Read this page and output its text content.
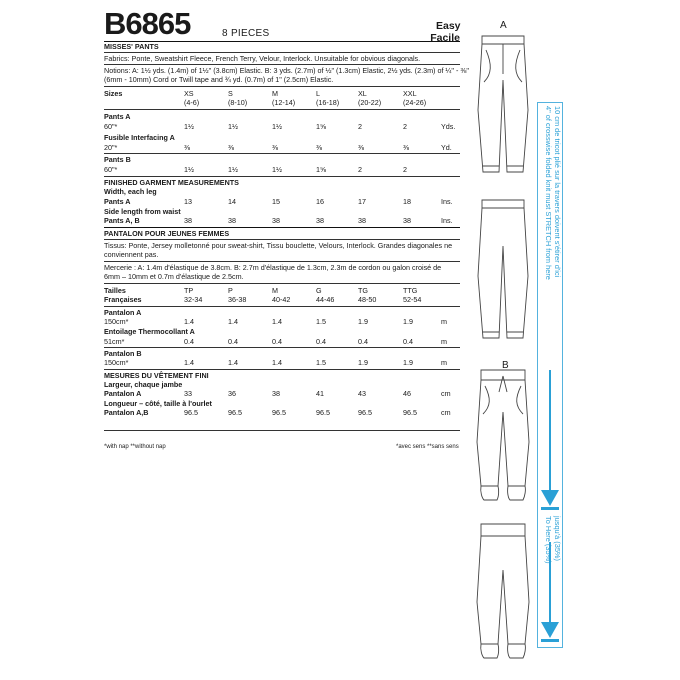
B6865	8 PIECES
Easy
Facile
MISSES' PANTS
Fabrics: Ponte, Sweatshirt Fleece, French Terry, Velour, Interlock. Unsuitable for obvious diagonals.
Notions: A: 1½ yds. (1.4m) of 1½" (3.8cm) Elastic. B: 3 yds. (2.7m) of ½" (1.3cm) Elastic, 2½ yds. (2.3m) of ¼" - ⅜"
(6mm - 10mm) Cord or Twill tape and ¾ yd. (0.7m) of 1" (2.5cm) Elastic.
Sizes	XS	S	M	L	XL	XXL
(4-6)	(8-10)	(12-14)	(16-18)	(20-22)	(24-26)
Pants A
60"*	1½	1½	1½	1⅝	2	2	Yds.
Fusible Interfacing A
20"*	⅜	⅜	⅜	⅜	⅜	⅜	Yd.
Pants B
60"*	1½	1½	1½	1⅝	2	2
FINISHED GARMENT MEASUREMENTS
Width, each leg
Pants A	13	14	15	16	17	18	Ins.
Side length from waist
Pants A, B	38	38	38	38	38	38	Ins.
PANTALON POUR JEUNES FEMMES
Tissus: Ponte, Jersey molletonné pour sweat-shirt, Tissu bouclette, Velours, Interlock. Grandes diagonales ne conviennent pas.
Mercerie : A: 1.4m d'élastique de 3.8cm. B: 2.7m d'élastique de 1.3cm, 2.3m de cordon ou galon croisé de 6mm – 10mm et 0.7m d'élastique de 2.5cm.
Tailles	TP	P	M	G	TG	TTG
Françaises	32-34	36-38	40-42	44-46	48-50	52-54
Pantalon A
150cm*	1.4	1.4	1.4	1.5	1.9	1.9	m
Entoilage Thermocollant A
51cm*	0.4	0.4	0.4	0.4	0.4	0.4	m
Pantalon B
150cm*	1.4	1.4	1.4	1.5	1.9	1.9	m
MESURES DU VÊTEMENT FINI
Largeur, chaque jambe
Pantalon A	33	36	38	41	43	46	cm
Longueur – côté, taille à l'ourlet
Pantalon A,B	96.5	96.5	96.5	96.5	96.5	96.5	cm
*with nap **without nap	*avec sens **sans sens
A
B
4" of crosswise folded knit must STRETCH from here 10 cm de tricot plié sur la travers doivent s'étirer d'ici
To Here (35%) jusqu'à (35%)
